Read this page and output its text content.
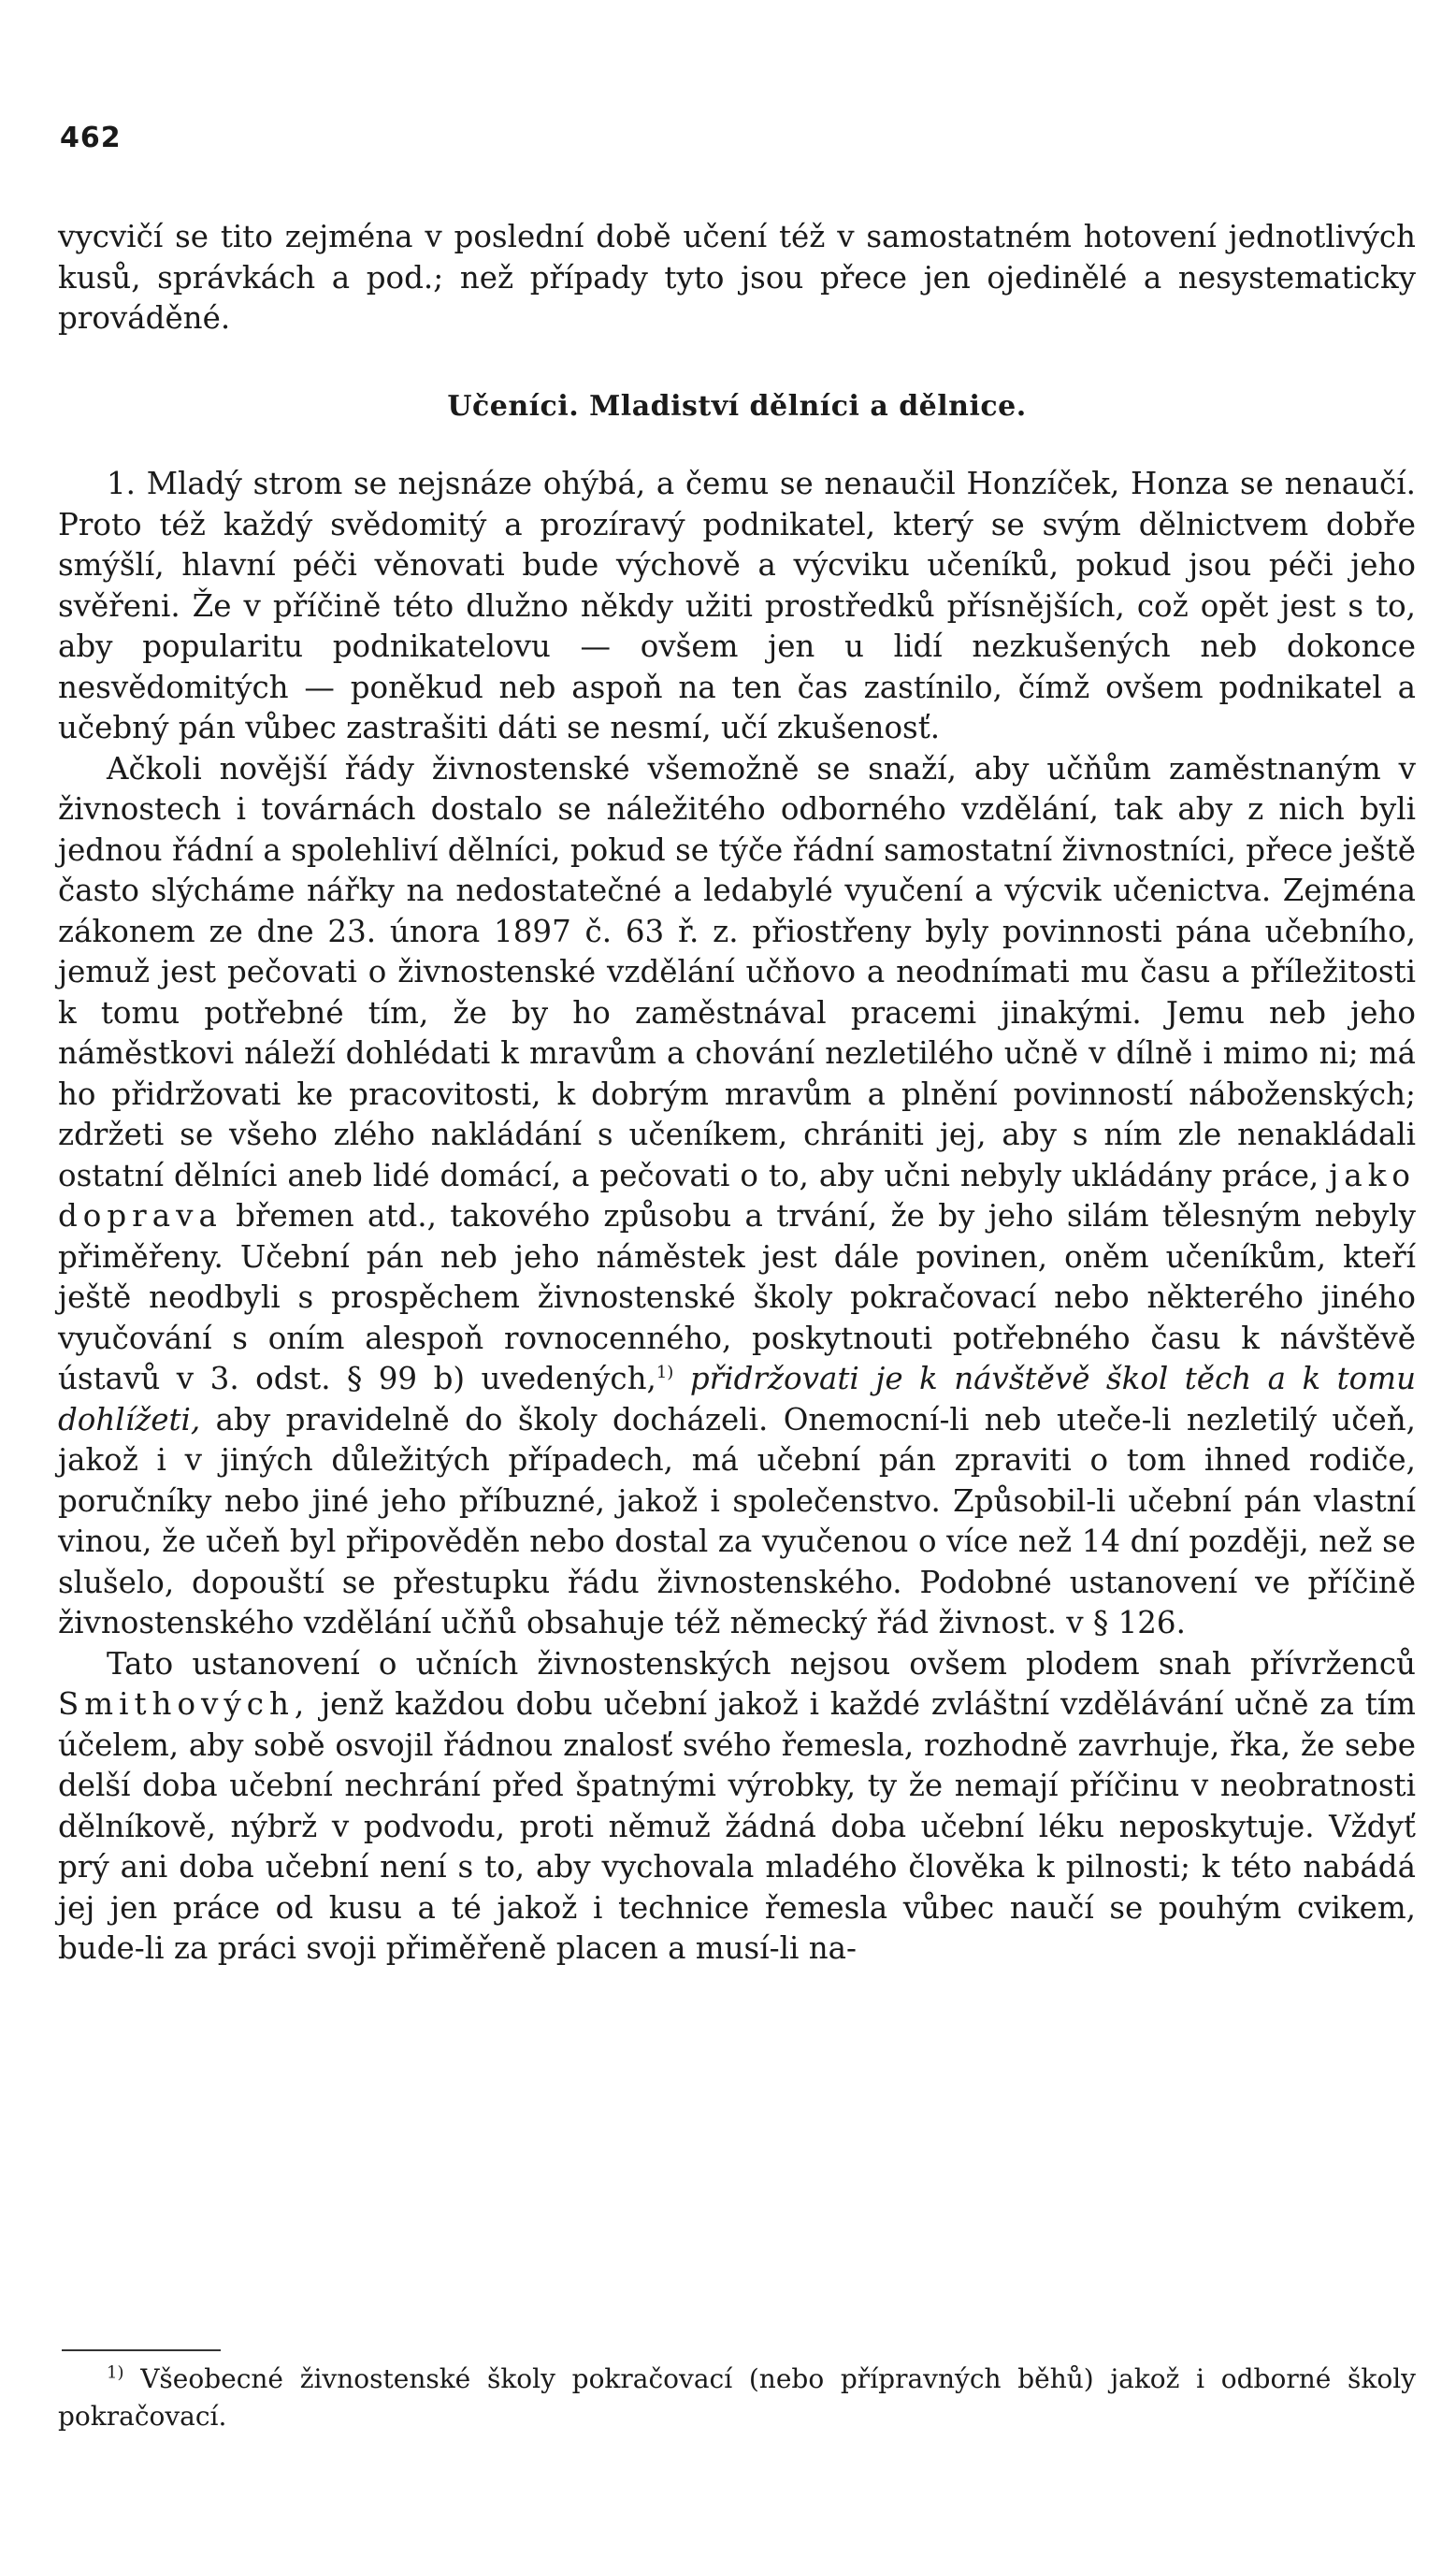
462

vycvičí se tito zejména v poslední době učení též v samostatném hotovení jednotlivých kusů, správkách a pod.; než případy tyto jsou přece jen ojedinělé a nesystematicky prováděné.

Učeníci. Mladiství dělníci a dělnice.

1. Mladý strom se nejsnáze ohýbá, a čemu se nenaučil Honzíček, Honza se nenaučí. Proto též každý svědomitý a prozíravý podnikatel, který se svým dělnictvem dobře smýšlí, hlavní péči věnovati bude výchově a výcviku učeníků, pokud jsou péči jeho svěřeni. Že v příčině této dlužno někdy užiti prostředků přísnějších, což opět jest s to, aby popularitu podnikatelovu — ovšem jen u lidí nezkušených neb dokonce nesvědomitých — poněkud neb aspoň na ten čas zastínilo, čímž ovšem podnikatel a učebný pán vůbec zastrašiti dáti se nesmí, učí zkušenosť.

Ačkoli novější řády živnostenské všemožně se snaží, aby učňům zaměstnaným v živnostech i továrnách dostalo se náležitého odborného vzdělání, tak aby z nich byli jednou řádní a spolehliví dělníci, pokud se týče řádní samostatní živnostníci, přece ještě často slýcháme nářky na nedostatečné a ledabylé vyučení a výcvik učenictva. Zejména zákonem ze dne 23. února 1897 č. 63 ř. z. přiostřeny byly povinnosti pána učebního, jemuž jest pečovati o živnostenské vzdělání učňovo a neodnímati mu času a příležitosti k tomu potřebné tím, že by ho zaměstnával pracemi jinakými. Jemu neb jeho náměstkovi náleží dohlédati k mravům a chování nezletilého učně v dílně i mimo ni; má ho přidržovati ke pracovitosti, k dobrým mravům a plnění povinností náboženských; zdržeti se všeho zlého nakládání s učeníkem, chrániti jej, aby s ním zle nenakládali ostatní dělníci aneb lidé domácí, a pečovati o to, aby učni nebyly ukládány práce, jako doprava břemen atd., takového způsobu a trvání, že by jeho silám tělesným nebyly přiměřeny. Učební pán neb jeho náměstek jest dále povinen, oněm učeníkům, kteří ještě neodbyli s prospěchem živnostenské školy pokračovací nebo některého jiného vyučování s oním alespoň rovnocenného, poskytnouti potřebného času k návštěvě ústavů v 3. odst. § 99 b) uvedených,$^{1)}$ přidržovati je k návštěvě škol těch a k tomu dohlížeti, aby pravidelně do školy docházeli. Onemocní-li neb uteče-li nezletilý učeň, jakož i v jiných důležitých případech, má učební pán zpraviti o tom ihned rodiče, poručníky nebo jiné jeho příbuzné, jakož i společenstvo. Způsobil-li učební pán vlastní vinou, že učeň byl připověděn nebo dostal za vyučenou o více než 14 dní později, než se slušelo, dopouští se přestupku řádu živnostenského. Podobné ustanovení ve příčině živnostenského vzdělání učňů obsahuje též německý řád živnost. v § 126.

Tato ustanovení o učních živnostenských nejsou ovšem plodem snah přívrženců Smithových, jenž každou dobu učební jakož i každé zvláštní vzdělávání učně za tím účelem, aby sobě osvojil řádnou znalosť svého řemesla, rozhodně zavrhuje, řka, že sebe delší doba učební nechrání před špatnými výrobky, ty že nemají příčinu v neobratnosti dělníkově, nýbrž v podvodu, proti němuž žádná doba učební léku neposkytuje. Vždyť prý ani doba učební není s to, aby vychovala mladého člověka k pilnosti; k této nabádá jej jen práce od kusu a té jakož i technice řemesla vůbec naučí se pouhým cvikem, bude-li za práci svoji přiměřeně placen a musí-li na-

$^{1)}$ Všeobecné živnostenské školy pokračovací (nebo přípravných běhů) jakož i odborné školy pokračovací.
